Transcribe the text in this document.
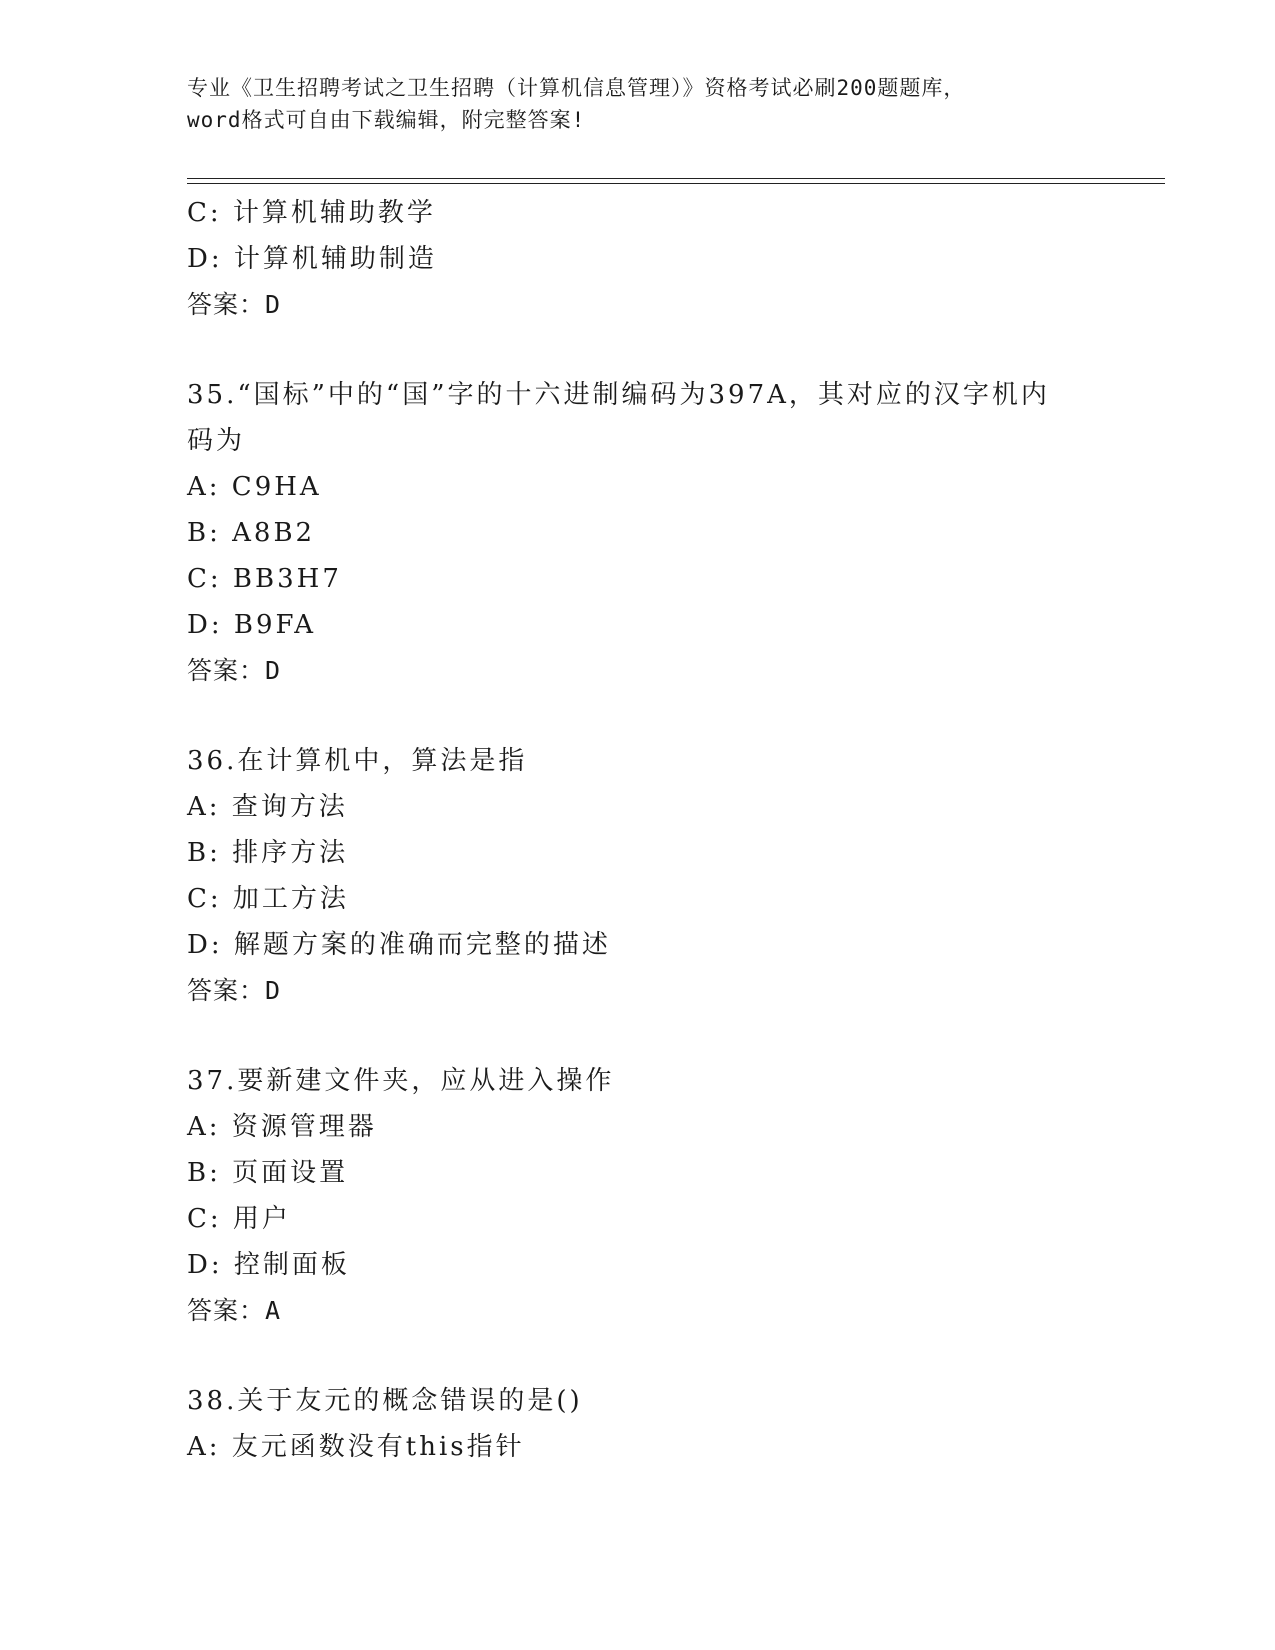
专业《卫生招聘考试之卫生招聘（计算机信息管理）》资格考试必刷200题题库，
word格式可自由下载编辑，附完整答案!
C: 计算机辅助教学
D: 计算机辅助制造
答案：D
35.“国标”中的“国”字的十六进制编码为397A，其对应的汉字机内
码为
A: C9HA
B: A8B2
C: BB3H7
D: B9FA
答案：D
36.在计算机中，算法是指
A: 查询方法
B: 排序方法
C: 加工方法
D: 解题方案的准确而完整的描述
答案：D
37.要新建文件夹，应从进入操作
A: 资源管理器
B: 页面设置
C: 用户
D: 控制面板
答案：A
38.关于友元的概念错误的是()
A: 友元函数没有this指针
